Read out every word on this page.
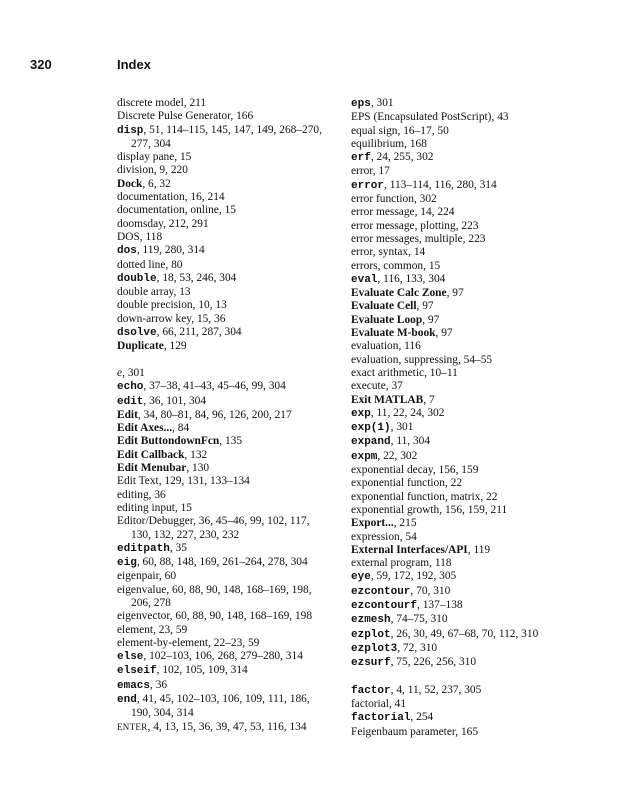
320	Index
discrete model, 211
Discrete Pulse Generator, 166
disp, 51, 114–115, 145, 147, 149, 268–270,
277, 304
display pane, 15
division, 9, 220
Dock, 6, 32
documentation, 16, 214
documentation, online, 15
doomsday, 212, 291
DOS, 118
dos, 119, 280, 314
dotted line, 80
double, 18, 53, 246, 304
double array, 13
double precision, 10, 13
down-arrow key, 15, 36
dsolve, 66, 211, 287, 304
Duplicate, 129
e, 301
echo, 37–38, 41–43, 45–46, 99, 304
edit, 36, 101, 304
Edit, 34, 80–81, 84, 96, 126, 200, 217
Edit Axes..., 84
Edit ButtondownFcn, 135
Edit Callback, 132
Edit Menubar, 130
Edit Text, 129, 131, 133–134
editing, 36
editing input, 15
Editor/Debugger, 36, 45–46, 99, 102, 117,
130, 132, 227, 230, 232
editpath, 35
eig, 60, 88, 148, 169, 261–264, 278, 304
eigenpair, 60
eigenvalue, 60, 88, 90, 148, 168–169, 198,
206, 278
eigenvector, 60, 88, 90, 148, 168–169, 198
element, 23, 59
element-by-element, 22–23, 59
else, 102–103, 106, 268, 279–280, 314
elseif, 102, 105, 109, 314
emacs, 36
end, 41, 45, 102–103, 106, 109, 111, 186,
190, 304, 314
ENTER, 4, 13, 15, 36, 39, 47, 53, 116, 134
eps, 301
EPS (Encapsulated PostScript), 43
equal sign, 16–17, 50
equilibrium, 168
erf, 24, 255, 302
error, 17
error, 113–114, 116, 280, 314
error function, 302
error message, 14, 224
error message, plotting, 223
error messages, multiple, 223
error, syntax, 14
errors, common, 15
eval, 116, 133, 304
Evaluate Calc Zone, 97
Evaluate Cell, 97
Evaluate Loop, 97
Evaluate M-book, 97
evaluation, 116
evaluation, suppressing, 54–55
exact arithmetic, 10–11
execute, 37
Exit MATLAB, 7
exp, 11, 22, 24, 302
exp(1), 301
expand, 11, 304
expm, 22, 302
exponential decay, 156, 159
exponential function, 22
exponential function, matrix, 22
exponential growth, 156, 159, 211
Export..., 215
expression, 54
External Interfaces/API, 119
external program, 118
eye, 59, 172, 192, 305
ezcontour, 70, 310
ezcontourf, 137–138
ezmesh, 74–75, 310
ezplot, 26, 30, 49, 67–68, 70, 112, 310
ezplot3, 72, 310
ezsurf, 75, 226, 256, 310
factor, 4, 11, 52, 237, 305
factorial, 41
factorial, 254
Feigenbaum parameter, 165
